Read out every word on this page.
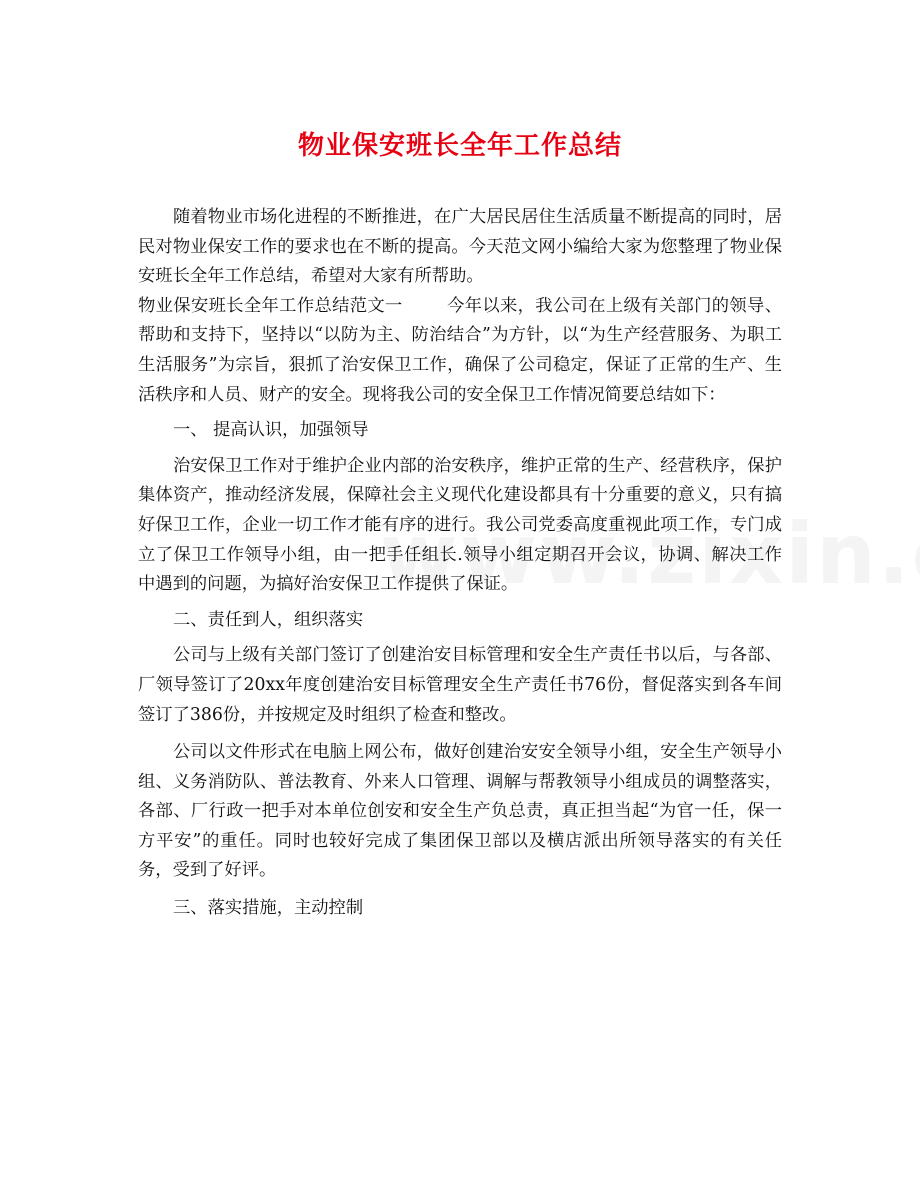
物业保安班长全年工作总结

随着物业市场化进程的不断推进，在广大居民居住生活质量不断提高的同时，居民对物业保安工作的要求也在不断的提高。今天范文网小编给大家为您整理了物业保安班长全年工作总结，希望对大家有所帮助。

物业保安班长全年工作总结范文一	今年以来，我公司在上级有关部门的领导、帮助和支持下，坚持以“以防为主、防治结合”为方针，以“为生产经营服务、为职工生活服务”为宗旨，狠抓了治安保卫工作，确保了公司稳定，保证了正常的生产、生活秩序和人员、财产的安全。现将我公司的安全保卫工作情况简要总结如下：

一、 提高认识，加强领导

治安保卫工作对于维护企业内部的治安秩序，维护正常的生产、经营秩序，保护集体资产，推动经济发展，保障社会主义现代化建设都具有十分重要的意义，只有搞好保卫工作，企业一切工作才能有序的进行。我公司党委高度重视此项工作，专门成立了保卫工作领导小组，由一把手任组长.领导小组定期召开会议，协调、解决工作中遇到的问题，为搞好治安保卫工作提供了保证。

二、责任到人，组织落实

公司与上级有关部门签订了创建治安目标管理和安全生产责任书以后，与各部、厂领导签订了20xx年度创建治安目标管理安全生产责任书76份，督促落实到各车间签订了386份，并按规定及时组织了检查和整改。

公司以文件形式在电脑上网公布，做好创建治安安全领导小组，安全生产领导小组、义务消防队、普法教育、外来人口管理、调解与帮教领导小组成员的调整落实，各部、厂行政一把手对本单位创安和安全生产负总责，真正担当起“为官一任，保一方平安”的重任。同时也较好完成了集团保卫部以及横店派出所领导落实的有关任务，受到了好评。

三、落实措施，主动控制
